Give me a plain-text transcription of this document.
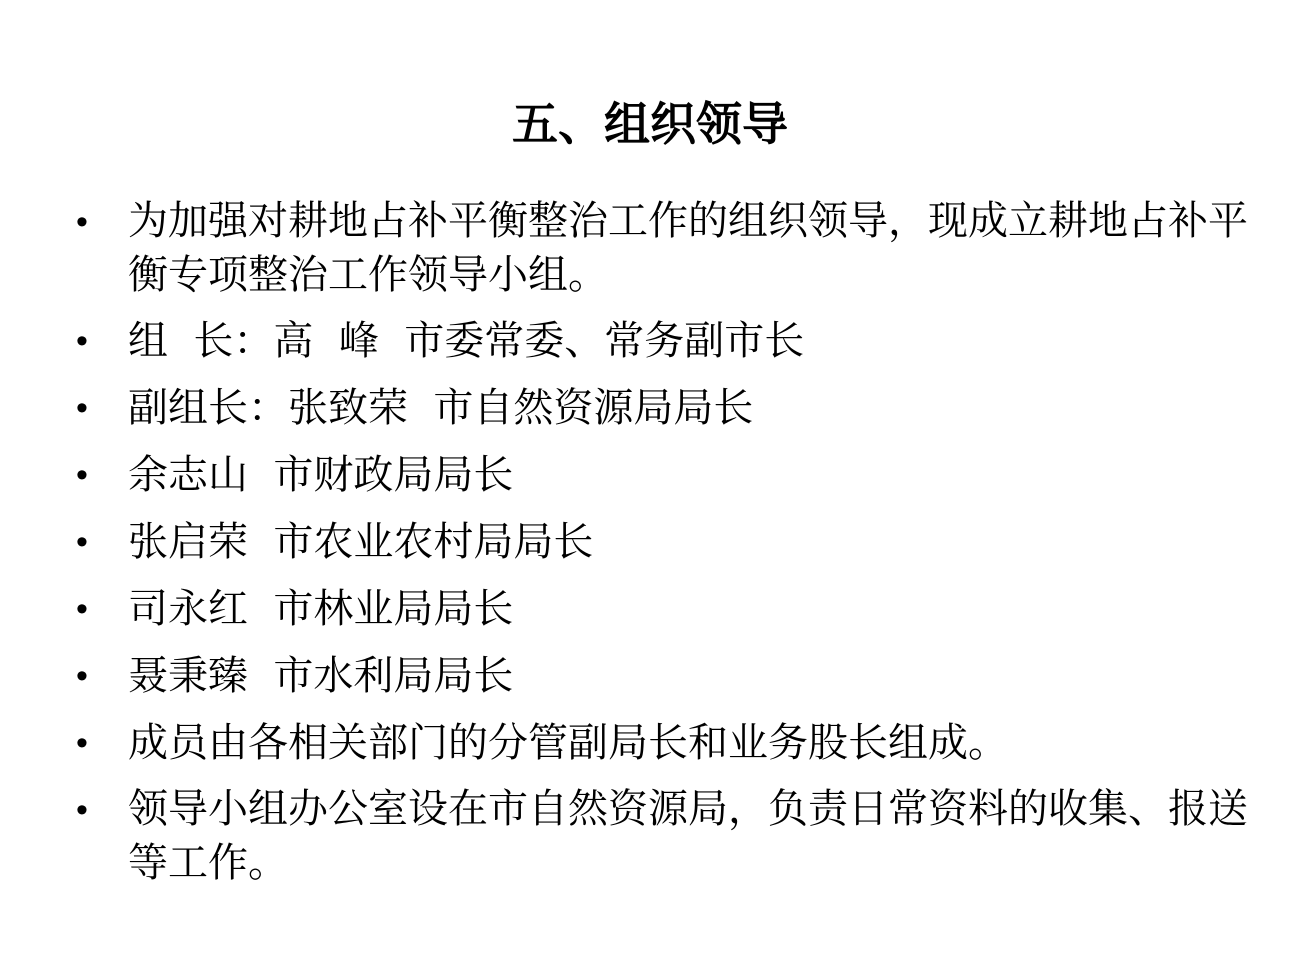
五、组织领导
•	为加强对耕地占补平衡整治工作的组织领导，现成立耕地占补平衡专项整治工作领导小组。
•	组  长：高  峰  市委常委、常务副市长
•	副组长：张致荣  市自然资源局局长
•	余志山  市财政局局长
•	张启荣  市农业农村局局长
•	司永红  市林业局局长
•	聂秉臻  市水利局局长
•	成员由各相关部门的分管副局长和业务股长组成。
•	领导小组办公室设在市自然资源局，负责日常资料的收集、报送等工作。
